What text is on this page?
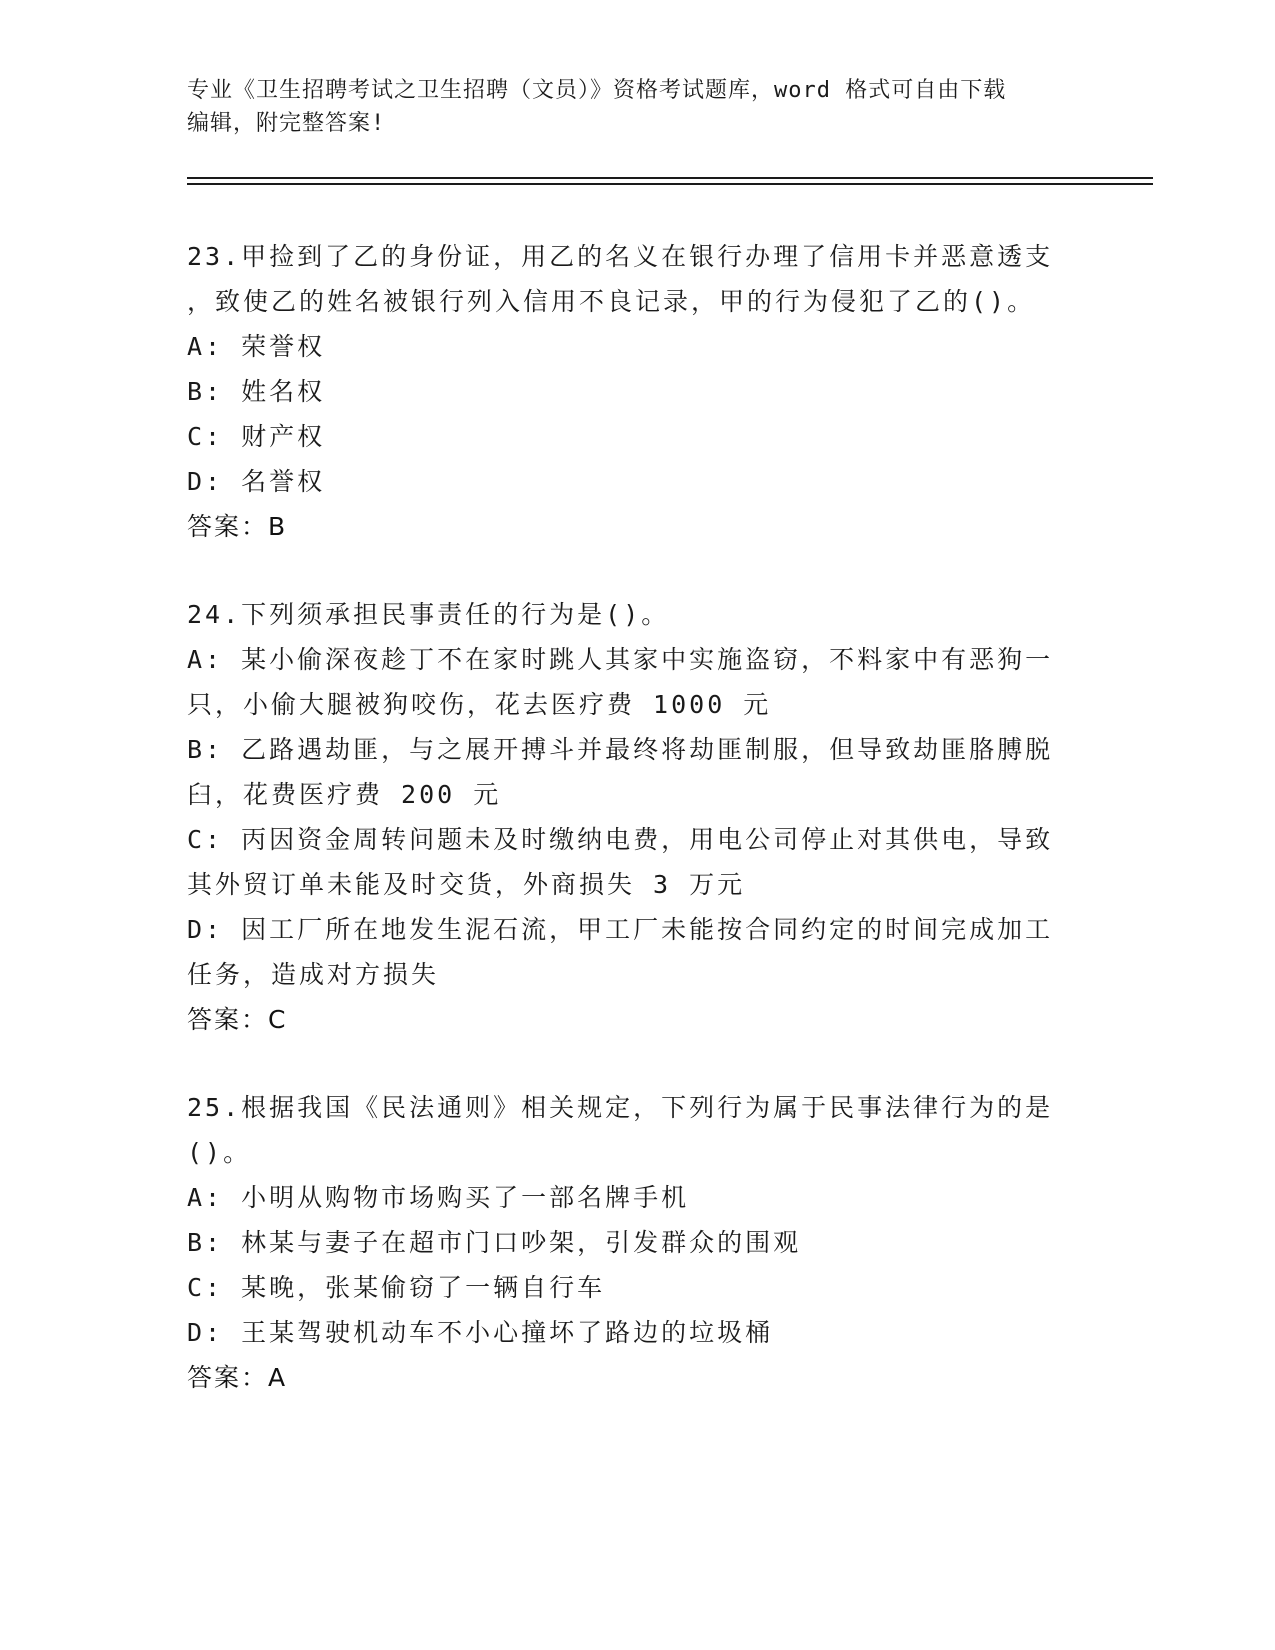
专业《卫生招聘考试之卫生招聘（文员）》资格考试题库，word 格式可自由下载

编辑，附完整答案!

23.甲捡到了乙的身份证，用乙的名义在银行办理了信用卡并恶意透支

，致使乙的姓名被银行列入信用不良记录，甲的行为侵犯了乙的()。

A: 荣誉权

B: 姓名权

C: 财产权

D: 名誉权

答案：B

24.下列须承担民事责任的行为是()。

A: 某小偷深夜趁丁不在家时跳人其家中实施盗窃，不料家中有恶狗一

只，小偷大腿被狗咬伤，花去医疗费 1000 元

B: 乙路遇劫匪，与之展开搏斗并最终将劫匪制服，但导致劫匪胳膊脱

臼，花费医疗费 200 元

C: 丙因资金周转问题未及时缴纳电费，用电公司停止对其供电，导致

其外贸订单未能及时交货，外商损失 3 万元

D: 因工厂所在地发生泥石流，甲工厂未能按合同约定的时间完成加工

任务，造成对方损失

答案：C

25.根据我国《民法通则》相关规定，下列行为属于民事法律行为的是

()。

A: 小明从购物市场购买了一部名牌手机

B: 林某与妻子在超市门口吵架，引发群众的围观

C: 某晚，张某偷窃了一辆自行车

D: 王某驾驶机动车不小心撞坏了路边的垃圾桶

答案：A
